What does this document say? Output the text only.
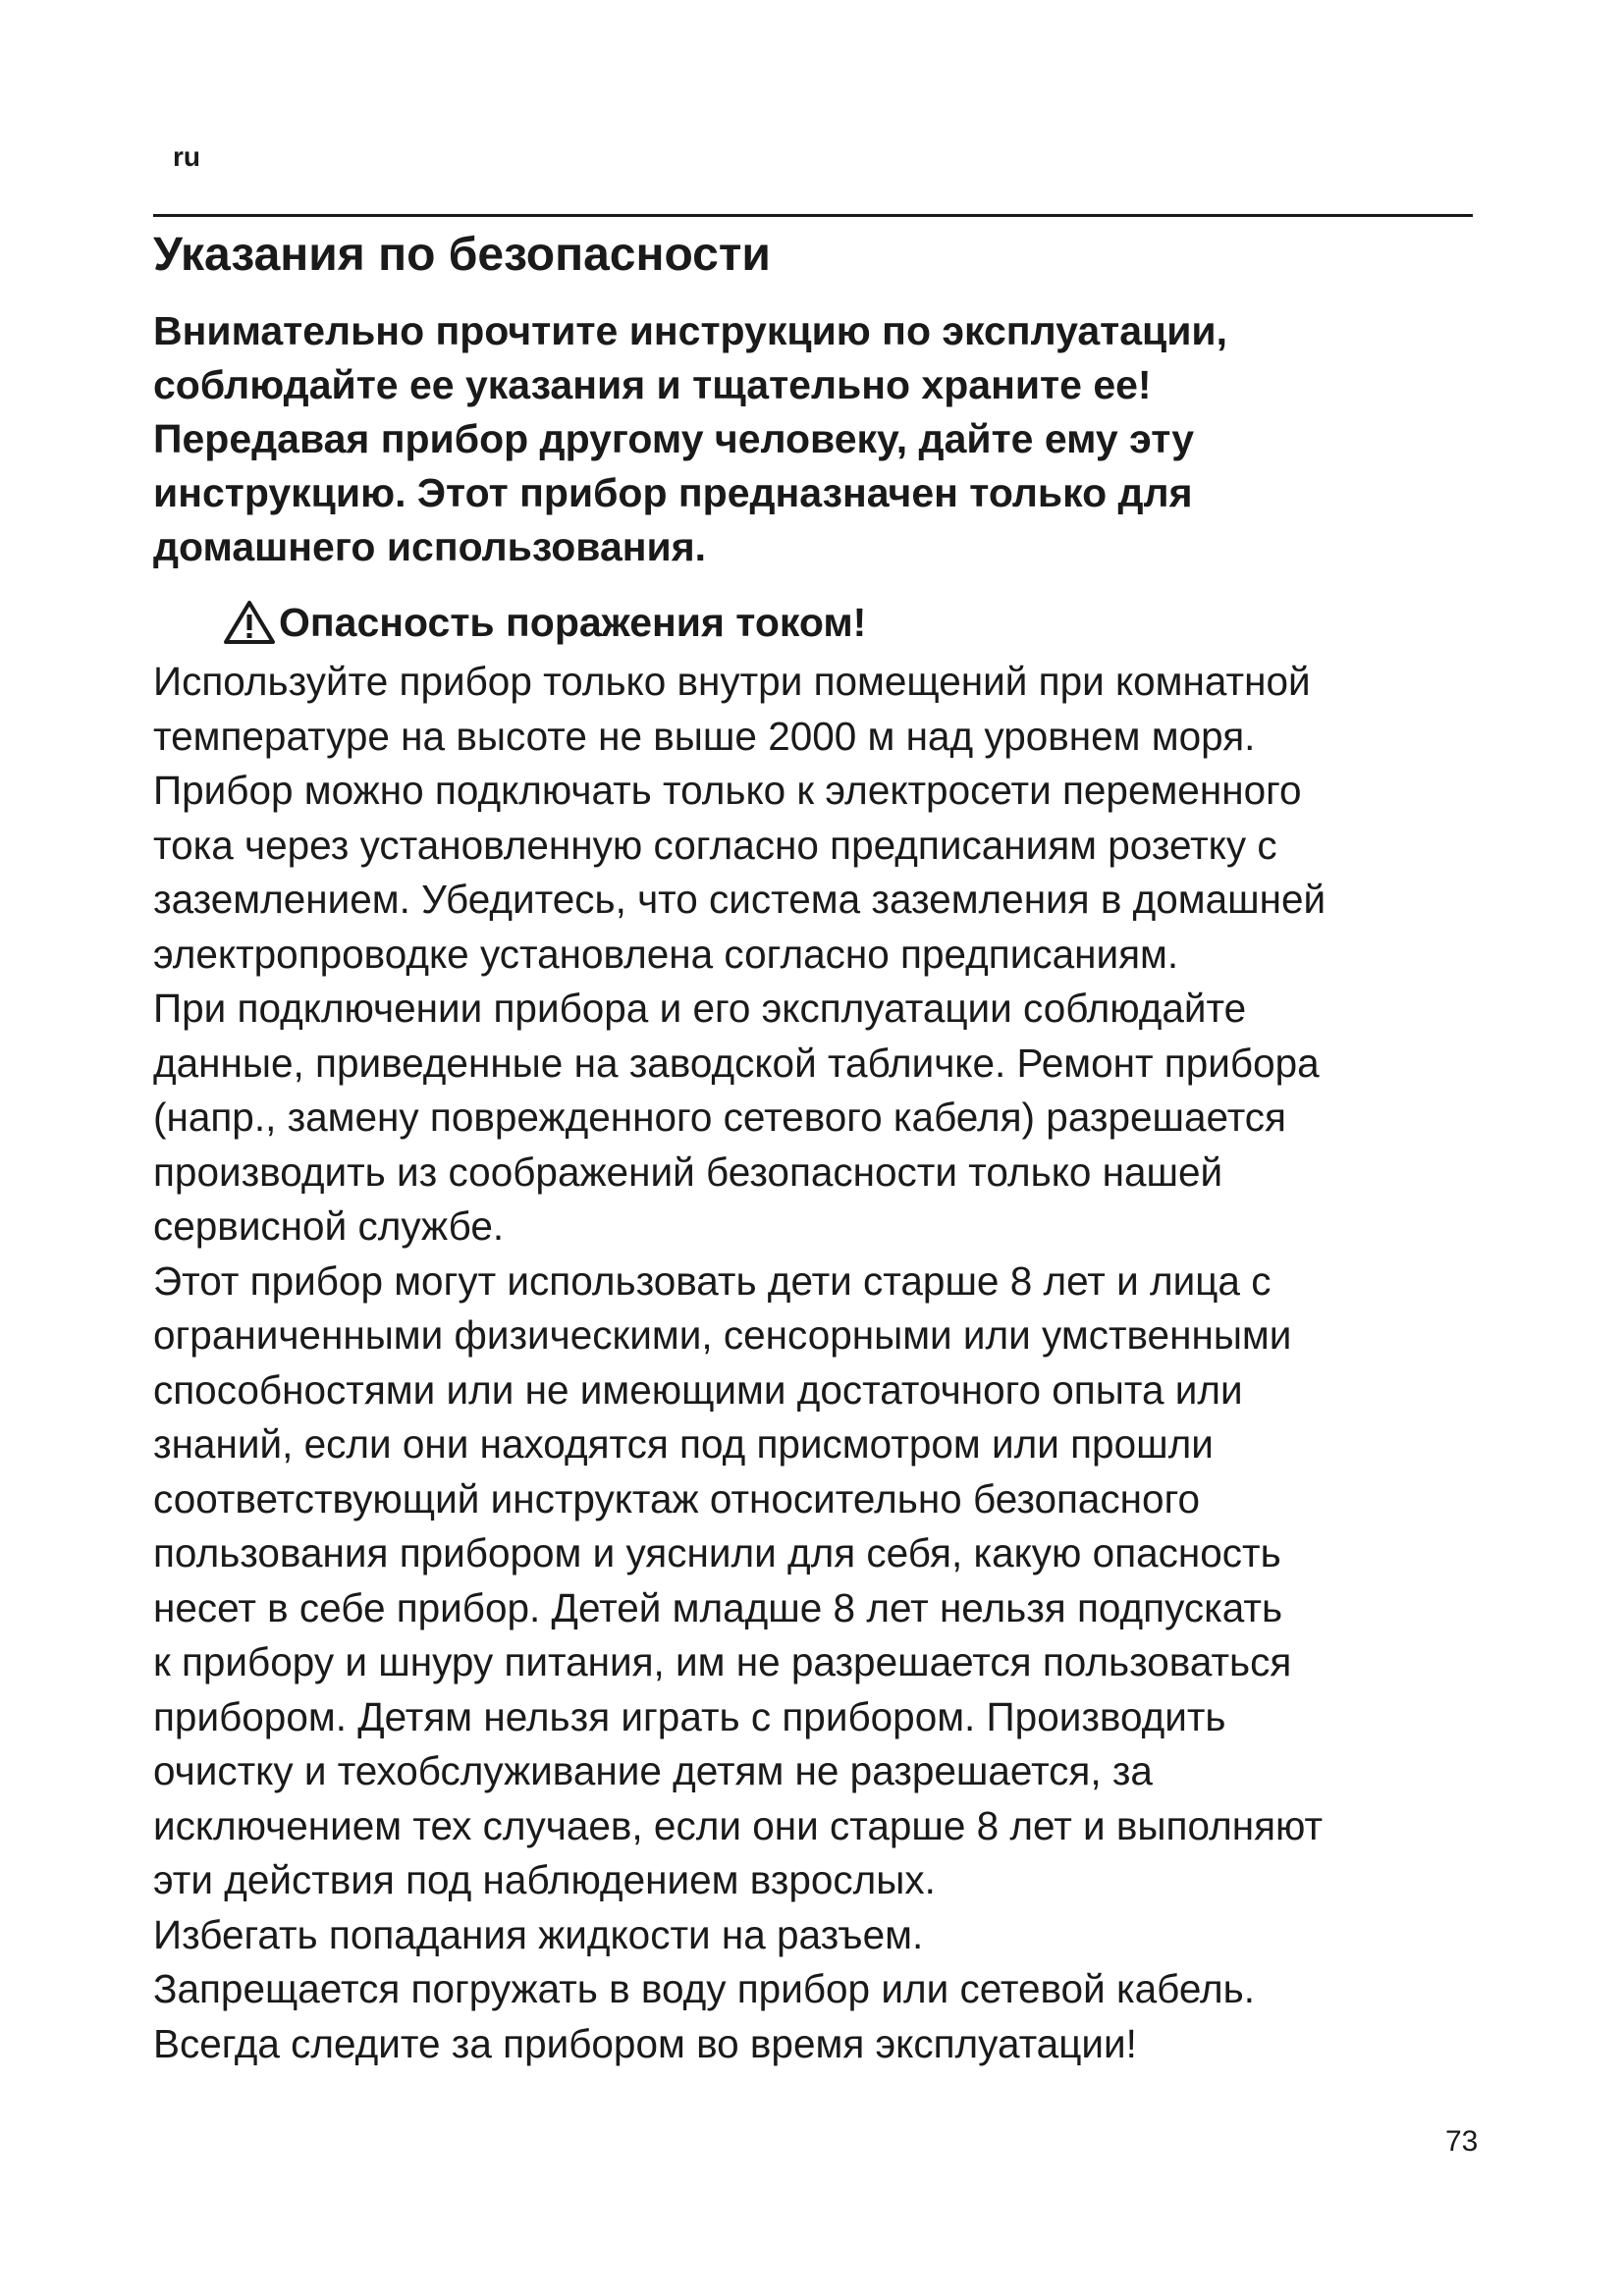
ru
Указания по безопасности
Внимательно прочтите инструкцию по эксплуатации,
соблюдайте ее указания и тщательно храните ее!
Передавая прибор другому человеку, дайте ему эту
инструкцию. Этот прибор предназначен только для
домашнего использования.
Опасность поражения током!
Используйте прибор только внутри помещений при комнатной
температуре на высоте не выше 2000 м над уровнем моря.
Прибор можно подключать только к электросети переменного
тока через установленную согласно предписаниям розетку с
заземлением. Убедитесь, что система заземления в домашней
электропроводке установлена согласно предписаниям.
При подключении прибора и его эксплуатации соблюдайте
данные, приведенные на заводской табличке. Ремонт прибора
(напр., замену поврежденного сетевого кабеля) разрешается
производить из соображений безопасности только нашей
сервисной службе.
Этот прибор могут использовать дети старше 8 лет и лица с
ограниченными физическими, сенсорными или умственными
способностями или не имеющими достаточного опыта или
знаний, если они находятся под присмотром или прошли
соответствующий инструктаж относительно безопасного
пользования прибором и уяснили для себя, какую опасность
несет в себе прибор. Детей младше 8 лет нельзя подпускать
к прибору и шнуру питания, им не разрешается пользоваться
прибором. Детям нельзя играть с прибором. Производить
очистку и техобслуживание детям не разрешается, за
исключением тех случаев, если они старше 8 лет и выполняют
эти действия под наблюдением взрослых.
Избегать попадания жидкости на разъем.
Запрещается погружать в воду прибор или сетевой кабель.
Всегда следите за прибором во время эксплуатации!
73
